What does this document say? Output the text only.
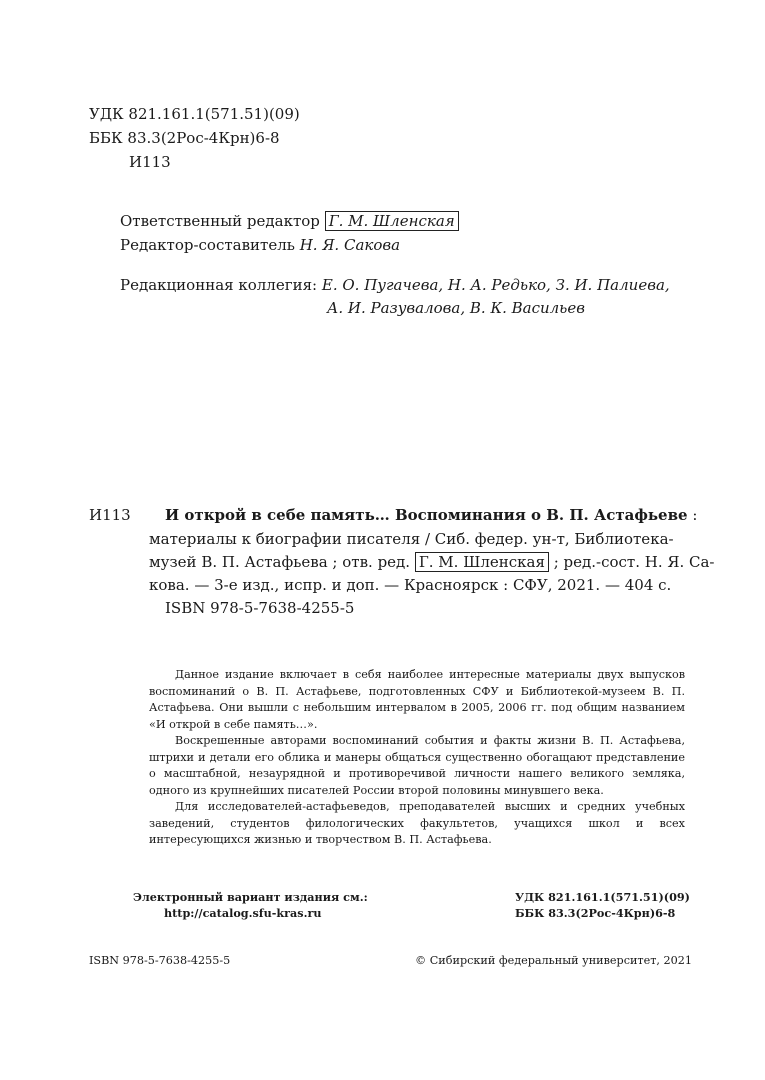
УДК 821.161.1(571.51)(09)
ББК 83.3(2Рос-4Крн)6-8
И113
Ответственный редактор Г. М. Шленская
Редактор-составитель Н. Я. Сакова
Редакционная коллегия: Е. О. Пугачева, Н. А. Редько, З. И. Палиева,
А. И. Разувалова, В. К. Васильев
И113 И открой в себе память… Воспоминания о В. П. Астафьеве :
материалы к биографии писателя / Сиб. федер. ун-т, Библиотека-
музей В. П. Астафьева ; отв. ред. Г. М. Шленская ; ред.-сост. Н. Я. Са-
кова. — 3-е изд., испр. и доп. — Красноярск : СФУ, 2021. — 404 с.
ISBN 978-5-7638-4255-5
Данное издание включает в себя наиболее интересные материалы двух выпусков воспоминаний о В. П. Астафьеве, подготовленных СФУ и Библиотекой-музеем В. П. Астафьева. Они вышли с небольшим интервалом в 2005, 2006 гг. под общим названием «И открой в себе память…».
Воскрешенные авторами воспоминаний события и факты жизни В. П. Астафьева, штрихи и детали его облика и манеры общаться существенно обогащают представление о масштабной, незаурядной и противоречивой личности нашего великого земляка, одного из крупнейших писателей России второй половины минувшего века.
Для исследователей-астафьеведов, преподавателей высших и средних учебных заведений, студентов филологических факультетов, учащихся школ и всех интересующихся жизнью и творчеством В. П. Астафьева.
Электронный вариант издания см.:
http://catalog.sfu-kras.ru
УДК 821.161.1(571.51)(09)
ББК 83.3(2Рос-4Крн)6-8
ISBN 978-5-7638-4255-5	© Сибирский федеральный университет, 2021
